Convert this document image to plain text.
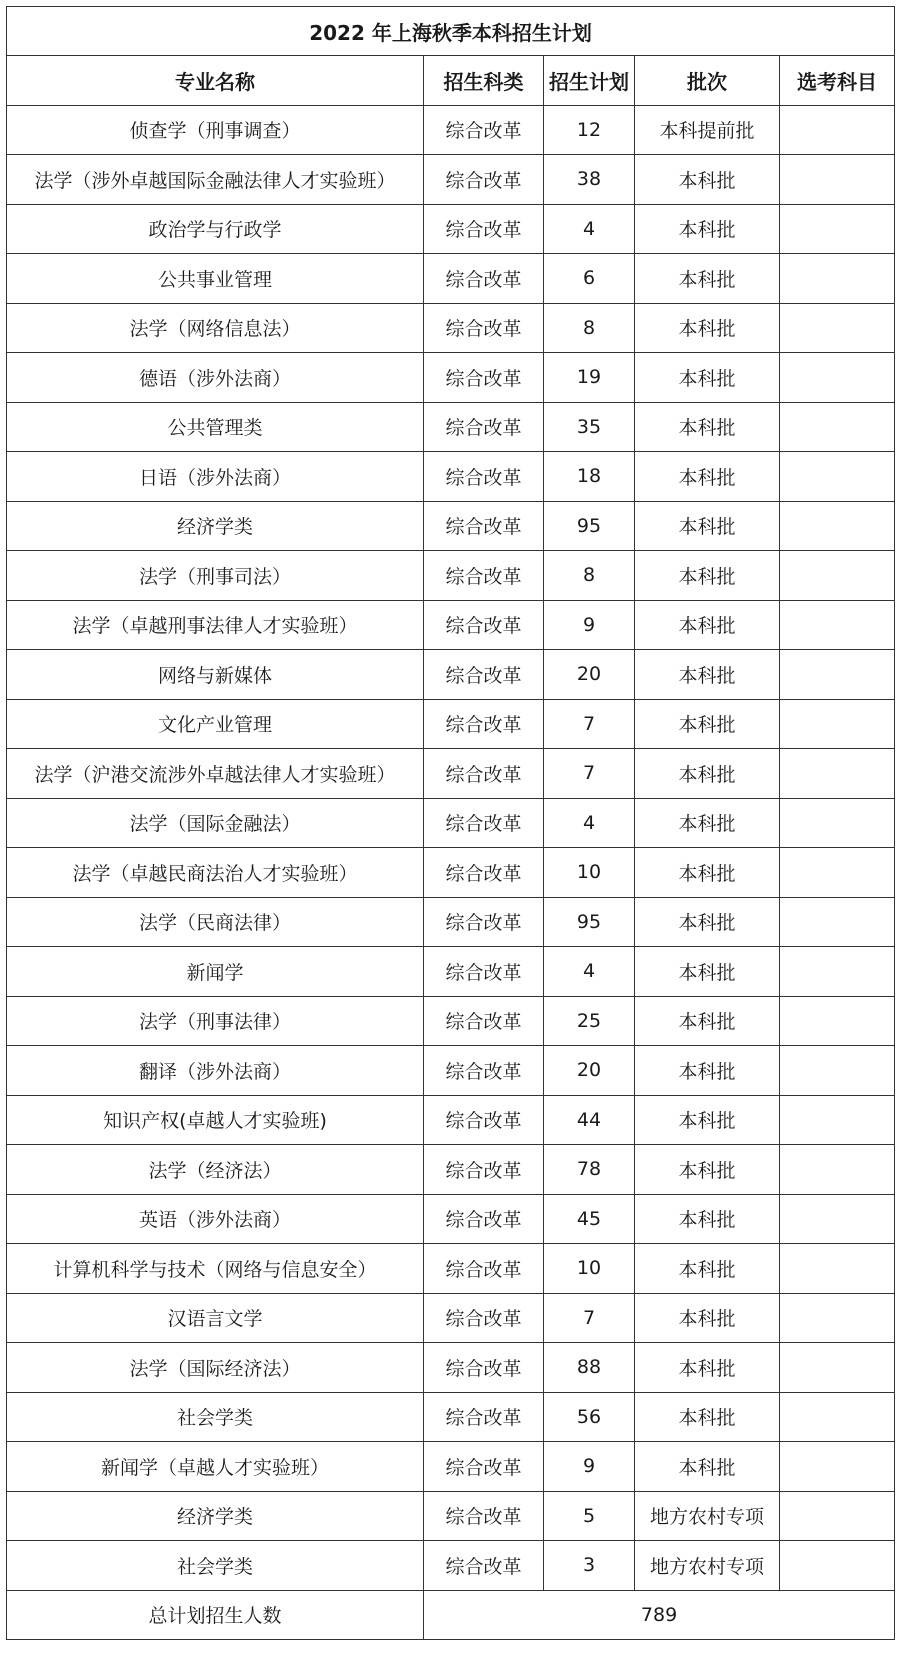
2022 年上海秋季本科招生计划				
专业名称	招生科类	招生计划	批次	选考科目
侦查学（刑事调查）	综合改革	12	本科提前批	
法学（涉外卓越国际金融法律人才实验班）	综合改革	38	本科批	
政治学与行政学	综合改革	4	本科批	
公共事业管理	综合改革	6	本科批	
法学（网络信息法）	综合改革	8	本科批	
德语（涉外法商）	综合改革	19	本科批	
公共管理类	综合改革	35	本科批	
日语（涉外法商）	综合改革	18	本科批	
经济学类	综合改革	95	本科批	
法学（刑事司法）	综合改革	8	本科批	
法学（卓越刑事法律人才实验班）	综合改革	9	本科批	
网络与新媒体	综合改革	20	本科批	
文化产业管理	综合改革	7	本科批	
法学（沪港交流涉外卓越法律人才实验班）	综合改革	7	本科批	
法学（国际金融法）	综合改革	4	本科批	
法学（卓越民商法治人才实验班）	综合改革	10	本科批	
法学（民商法律）	综合改革	95	本科批	
新闻学	综合改革	4	本科批	
法学（刑事法律）	综合改革	25	本科批	
翻译（涉外法商）	综合改革	20	本科批	
知识产权(卓越人才实验班)	综合改革	44	本科批	
法学（经济法）	综合改革	78	本科批	
英语（涉外法商）	综合改革	45	本科批	
计算机科学与技术（网络与信息安全）	综合改革	10	本科批	
汉语言文学	综合改革	7	本科批	
法学（国际经济法）	综合改革	88	本科批	
社会学类	综合改革	56	本科批	
新闻学（卓越人才实验班）	综合改革	9	本科批	
经济学类	综合改革	5	地方农村专项	
社会学类	综合改革	3	地方农村专项	
总计划招生人数	789			
